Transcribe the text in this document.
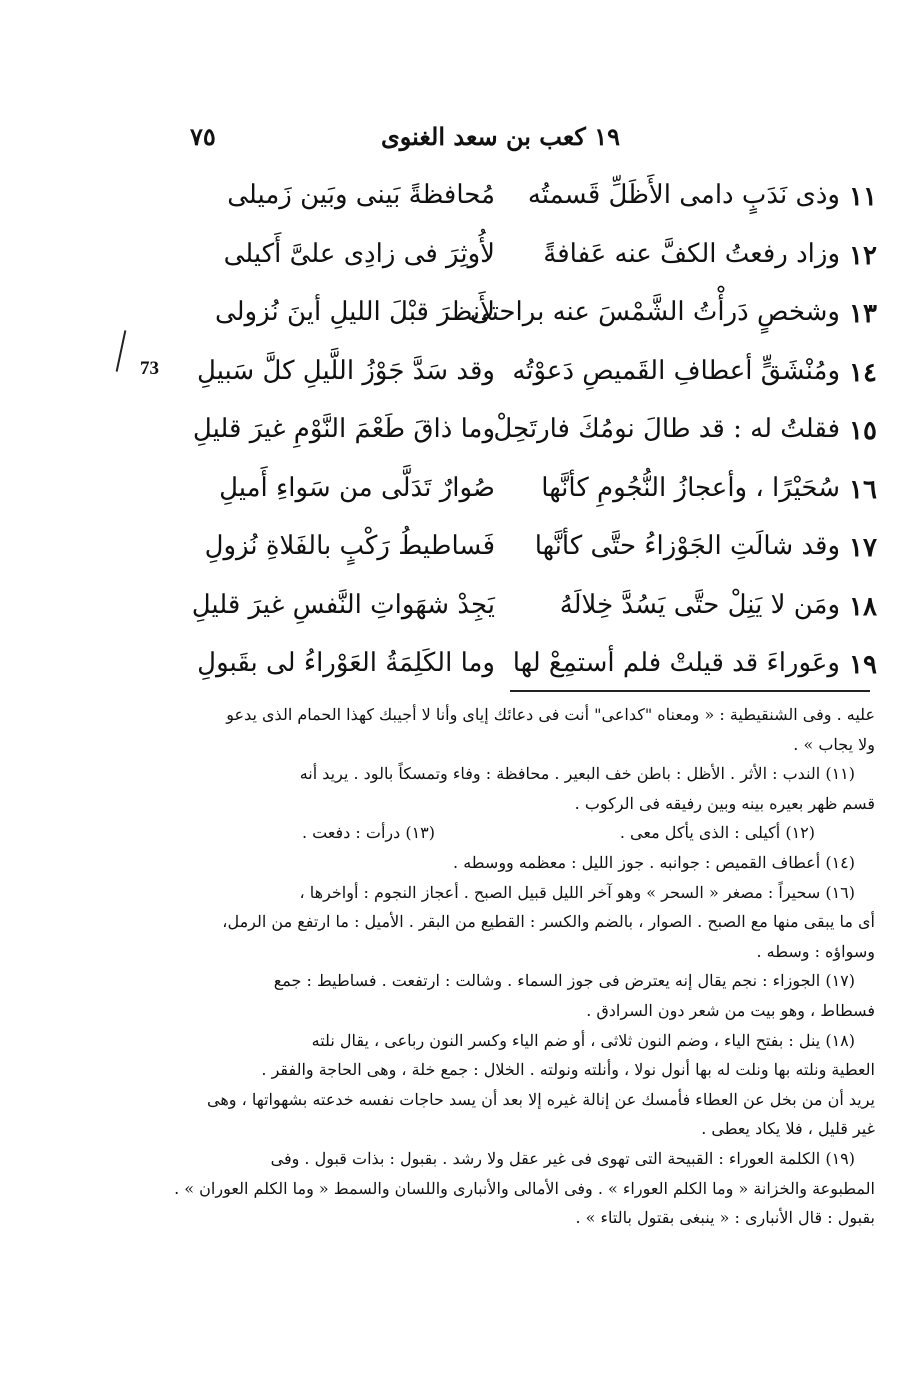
١٩ كعب بن سعد الغنوى
٧٥
73
١١
وذى نَدَبٍ دامى الأَظَلِّ قَسمتُه
مُحافظةً بَينى وبَين زَميلى
١٢
وزاد رفعتُ الكفَّ عنه عَفافةً
لأُوثِرَ فى زادِى علىَّ أَكيلى
١٣
وشخصٍ دَرأْتُ الشَّمْسَ عنه براحتى
لأَنظرَ قبْلَ الليلِ أينَ نُزولى
١٤
ومُنْشَقٍّ أعطافِ القَميصِ دَعوْتُه
وقد سَدَّ جَوْزُ اللَّيلِ كلَّ سَبيلِ
١٥
فقلتُ له : قد طالَ نومُكَ فارتَحِلْ
وما ذاقَ طَعْمَ النَّوْمِ غيرَ قليلِ
١٦
سُحَيْرًا ، وأعجازُ النُّجُومِ كأنَّها
صُوارٌ تَدَلَّى من سَواءِ أَميلِ
١٧
وقد شالَتِ الجَوْزاءُ حتَّى كأنَّها
فَساطيطُ رَكْبٍ بالفَلاةِ نُزولِ
١٨
ومَن لا يَنِلْ حتَّى يَسُدَّ خِلالَهُ
يَجِدْ شهَواتِ النَّفسِ غيرَ قليلِ
١٩
وعَوراءَ قد قيلتْ فلم أستمِعْ لها
وما الكَلِمَةُ العَوْراءُ لى بقَبولِ

عليه . وفى الشنقيطية : « ومعناه "كداعى" أنت فى دعائك إياى وأنا لا أجيبك كهذا الحمام الذى يدعو

ولا يجاب » .

(١١) الندب : الأثر . الأظل : باطن خف البعير . محافظة : وفاء وتمسكاً بالود . يريد أنه

قسم ظهر بعيره بينه وبين رفيقه فى الركوب .

(١٢) أكيلى : الذى يأكل معى .
(١٣) درأت : دفعت .

(١٤) أعطاف القميص : جوانبه . جوز الليل : معظمه ووسطه .

(١٦) سحيراً : مصغر « السحر » وهو آخر الليل قبيل الصبح . أعجاز النجوم : أواخرها ،

أى ما يبقى منها مع الصبح . الصوار ، بالضم والكسر : القطيع من البقر . الأميل : ما ارتفع من الرمل،

وسواؤه : وسطه .

(١٧) الجوزاء : نجم يقال إنه يعترض فى جوز السماء . وشالت : ارتفعت . فساطيط : جمع

فسطاط ، وهو بيت من شعر دون السرادق .

(١٨) ينل : بفتح الياء ، وضم النون ثلاثى ، أو ضم الياء وكسر النون رباعى ، يقال نلته

العطية ونلته بها ونلت له بها أنول نولا ، وأنلته ونولته . الخلال : جمع خلة ، وهى الحاجة والفقر .

يريد أن من بخل عن العطاء فأمسك عن إنالة غيره إلا بعد أن يسد حاجات نفسه خدعته بشهواتها ، وهى

غير قليل ، فلا يكاد يعطى .

(١٩) الكلمة العوراء : القبيحة التى تهوى فى غير عقل ولا رشد . بقبول : بذات قبول . وفى

المطبوعة والخزانة « وما الكلم العوراء » . وفى الأمالى والأنبارى واللسان والسمط « وما الكلم العوران » .

بقبول : قال الأنبارى : « ينبغى بقتول بالتاء » .
